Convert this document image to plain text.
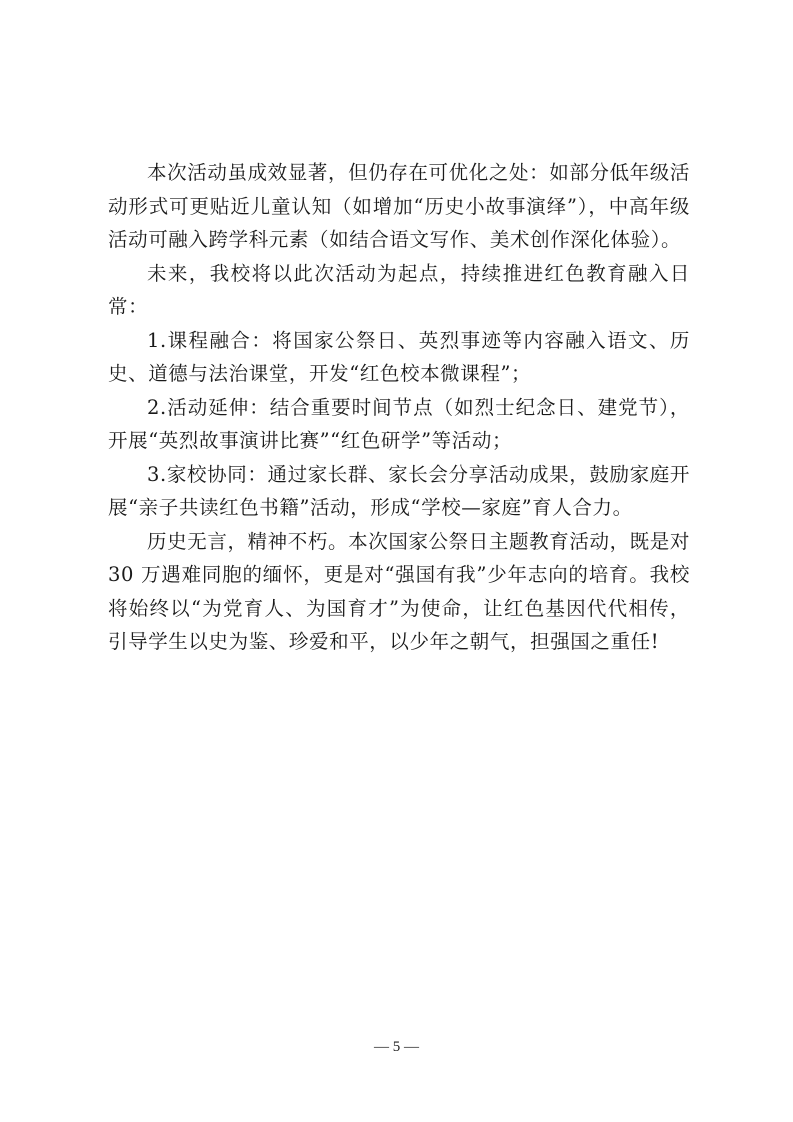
本次活动虽成效显著，但仍存在可优化之处：如部分低年级活动形式可更贴近儿童认知（如增加“历史小故事演绎”），中高年级活动可融入跨学科元素（如结合语文写作、美术创作深化体验）。

未来，我校将以此次活动为起点，持续推进红色教育融入日常：

1.课程融合：将国家公祭日、英烈事迹等内容融入语文、历史、道德与法治课堂，开发“红色校本微课程”；

2.活动延伸：结合重要时间节点（如烈士纪念日、建党节），开展“英烈故事演讲比赛”“红色研学”等活动；

3.家校协同：通过家长群、家长会分享活动成果，鼓励家庭开展“亲子共读红色书籍”活动，形成“学校—家庭”育人合力。

历史无言，精神不朽。本次国家公祭日主题教育活动，既是对 30 万遇难同胞的缅怀，更是对“强国有我”少年志向的培育。我校将始终以“为党育人、为国育才”为使命，让红色基因代代相传，引导学生以史为鉴、珍爱和平，以少年之朝气，担强国之重任!

— 5 —
